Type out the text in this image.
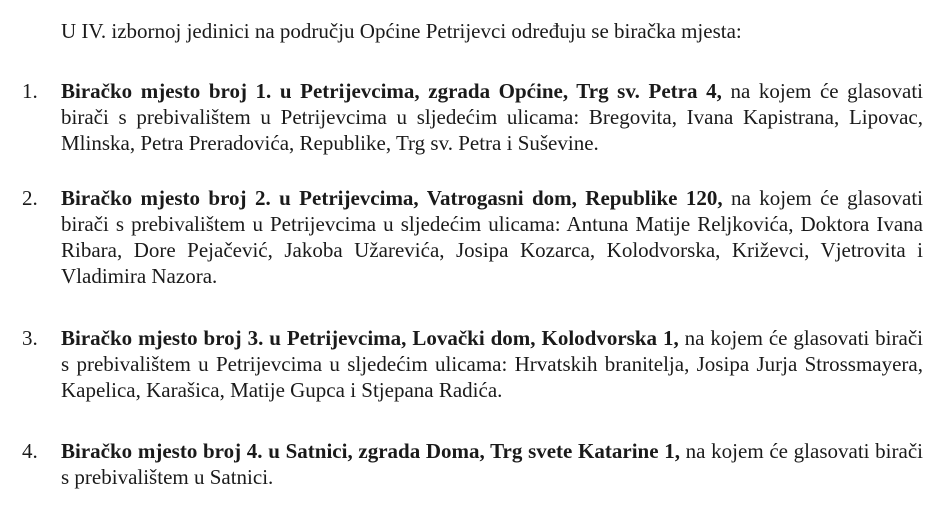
U IV. izbornoj jedinici na području Općine Petrijevci određuju se biračka mjesta:

1. Biračko mjesto broj 1. u Petrijevcima, zgrada Općine, Trg sv. Petra 4, na kojem će glasovati birači s prebivalištem u Petrijevcima u sljedećim ulicama: Bregovita, Ivana Kapistrana, Lipovac, Mlinska, Petra Preradovića, Republike, Trg sv. Petra i Suševine.

2. Biračko mjesto broj 2. u Petrijevcima, Vatrogasni dom, Republike 120, na kojem će glasovati birači s prebivalištem u Petrijevcima u sljedećim ulicama: Antuna Matije Reljkovića, Doktora Ivana Ribara, Dore Pejačević, Jakoba Užarevića, Josipa Kozarca, Kolodvorska, Križevci, Vjetrovita i Vladimira Nazora.

3. Biračko mjesto broj 3. u Petrijevcima, Lovački dom, Kolodvorska 1, na kojem će glasovati birači s prebivalištem u Petrijevcima u sljedećim ulicama: Hrvatskih branitelja, Josipa Jurja Strossmayera, Kapelica, Karašica, Matije Gupca i Stjepana Radića.

4. Biračko mjesto broj 4. u Satnici, zgrada Doma, Trg svete Katarine 1, na kojem će glasovati birači s prebivalištem u Satnici.
